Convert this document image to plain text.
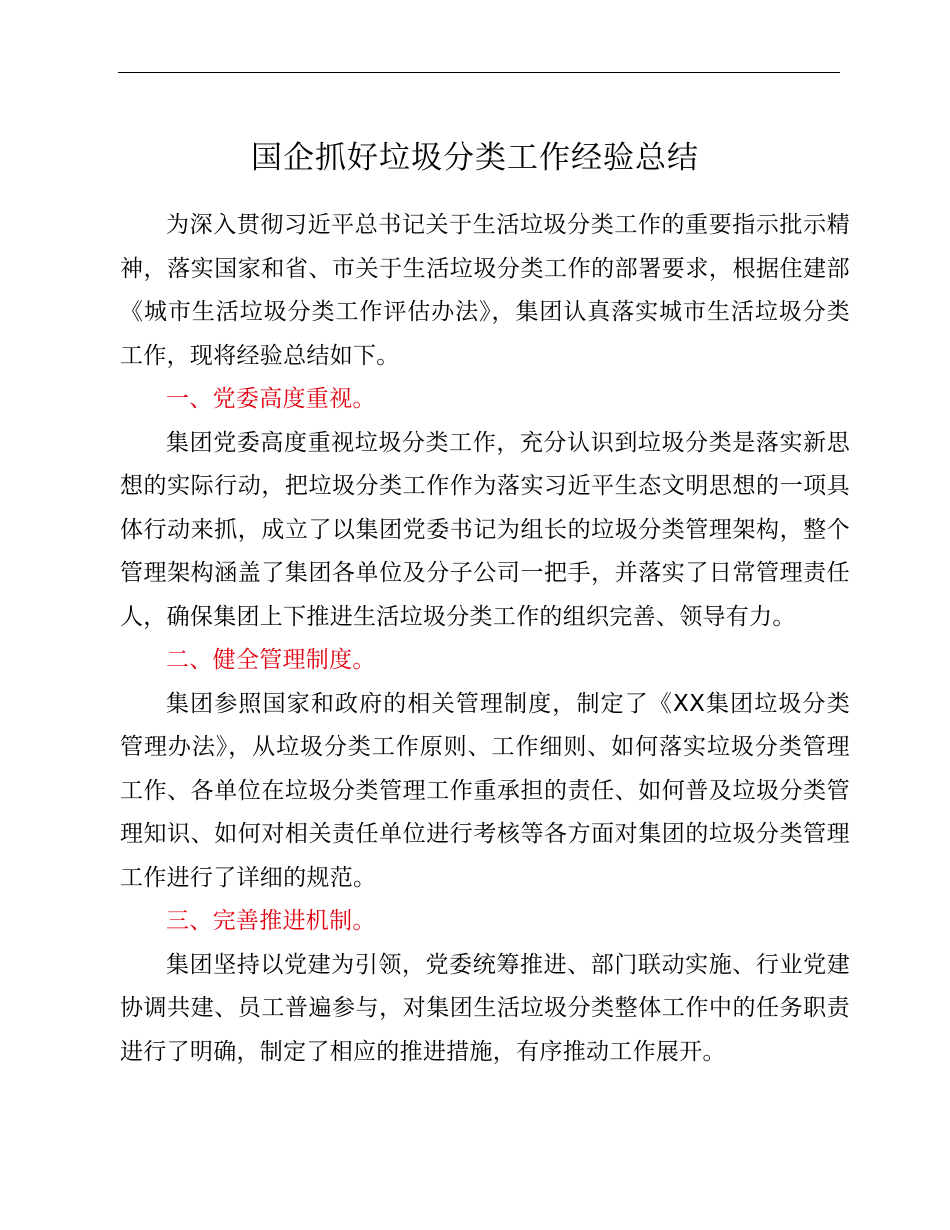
国企抓好垃圾分类工作经验总结

为深入贯彻习近平总书记关于生活垃圾分类工作的重要指示批示精神，落实国家和省、市关于生活垃圾分类工作的部署要求，根据住建部《城市生活垃圾分类工作评估办法》，集团认真落实城市生活垃圾分类工作，现将经验总结如下。

一、党委高度重视。

集团党委高度重视垃圾分类工作，充分认识到垃圾分类是落实新思想的实际行动，把垃圾分类工作作为落实习近平生态文明思想的一项具体行动来抓，成立了以集团党委书记为组长的垃圾分类管理架构，整个管理架构涵盖了集团各单位及分子公司一把手，并落实了日常管理责任人，确保集团上下推进生活垃圾分类工作的组织完善、领导有力。

二、健全管理制度。

集团参照国家和政府的相关管理制度，制定了《XX集团垃圾分类管理办法》，从垃圾分类工作原则、工作细则、如何落实垃圾分类管理工作、各单位在垃圾分类管理工作重承担的责任、如何普及垃圾分类管理知识、如何对相关责任单位进行考核等各方面对集团的垃圾分类管理工作进行了详细的规范。

三、完善推进机制。

集团坚持以党建为引领，党委统筹推进、部门联动实施、行业党建协调共建、员工普遍参与，对集团生活垃圾分类整体工作中的任务职责进行了明确，制定了相应的推进措施，有序推动工作展开。
